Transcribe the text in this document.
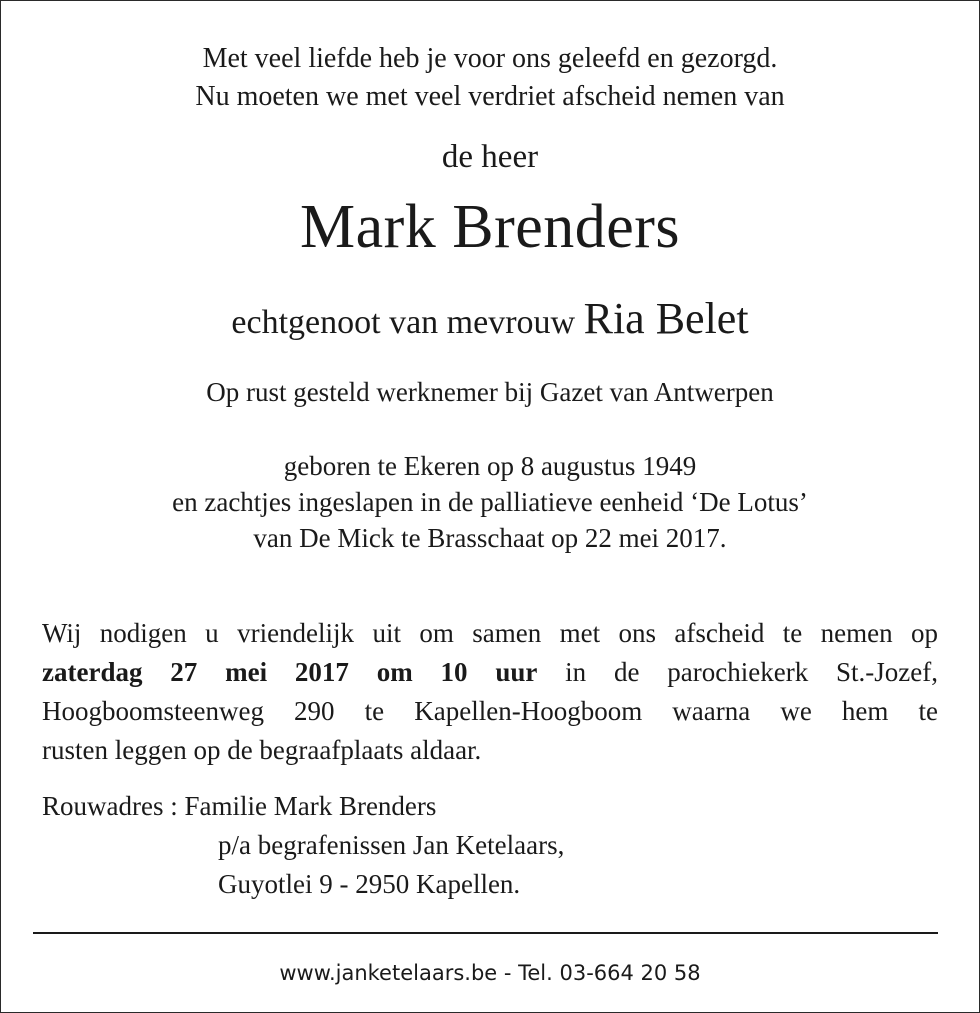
Met veel liefde heb je voor ons geleefd en gezorgd.
Nu moeten we met veel verdriet afscheid nemen van
de heer
Mark Brenders
echtgenoot van mevrouw Ria Belet
Op rust gesteld werknemer bij Gazet van Antwerpen
geboren te Ekeren op 8 augustus 1949
en zachtjes ingeslapen in de palliatieve eenheid ‘De Lotus’
van De Mick te Brasschaat op 22 mei 2017.
Wij nodigen u vriendelijk uit om samen met ons afscheid te nemen op
zaterdag 27 mei 2017 om 10 uur in de parochiekerk St.-Jozef,
Hoogboomsteenweg 290 te Kapellen-Hoogboom waarna we hem te
rusten leggen op de begraafplaats aldaar.
Rouwadres : Familie Mark Brenders
p/a begrafenissen Jan Ketelaars,
Guyotlei 9 - 2950 Kapellen.
www.janketelaars.be - Tel. 03-664 20 58
